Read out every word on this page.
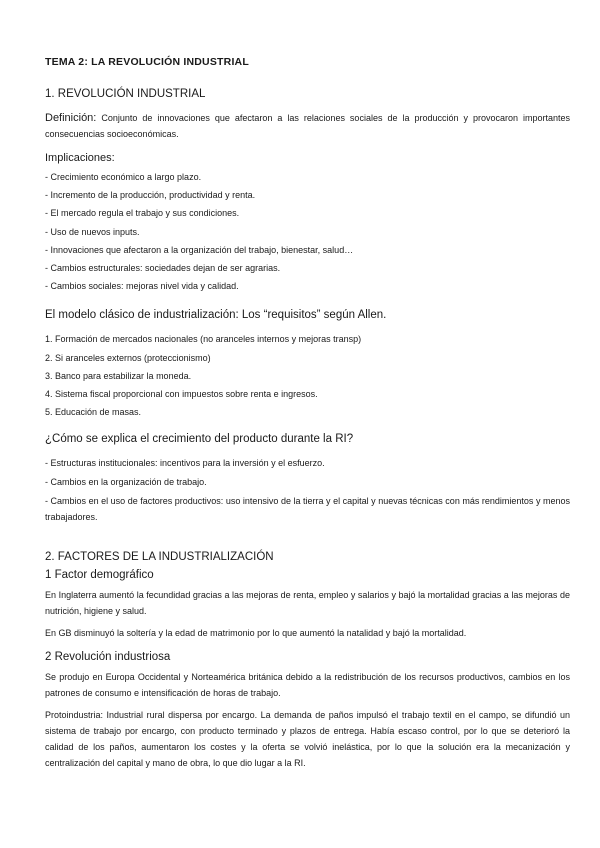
TEMA 2: LA REVOLUCIÓN INDUSTRIAL
1. REVOLUCIÓN INDUSTRIAL
Definición: Conjunto de innovaciones que afectaron a las relaciones sociales de la producción y provocaron importantes consecuencias socioeconómicas.
Implicaciones:
- Crecimiento económico a largo plazo.
- Incremento de la producción, productividad y renta.
- El mercado regula el trabajo y sus condiciones.
- Uso de nuevos inputs.
- Innovaciones que afectaron a la organización del trabajo, bienestar, salud…
- Cambios estructurales: sociedades dejan de ser agrarias.
- Cambios sociales: mejoras nivel vida y calidad.
El modelo clásico de industrialización: Los “requisitos” según Allen.
1. Formación de mercados nacionales (no aranceles internos y mejoras transp)
2. Si aranceles externos (proteccionismo)
3. Banco para estabilizar la moneda.
4. Sistema fiscal proporcional con impuestos sobre renta e ingresos.
5. Educación de masas.
¿Cómo se explica el crecimiento del producto durante la RI?
- Estructuras institucionales: incentivos para la inversión y el esfuerzo.
- Cambios en la organización de trabajo.
- Cambios en el uso de factores productivos: uso intensivo de la tierra y el capital y nuevas técnicas con más rendimientos y menos trabajadores.
2. FACTORES DE LA INDUSTRIALIZACIÓN
1 Factor demográfico
En Inglaterra aumentó la fecundidad gracias a las mejoras de renta, empleo y salarios y bajó la mortalidad gracias a las mejoras de nutrición, higiene y salud.
En GB disminuyó la soltería y la edad de matrimonio por lo que aumentó la natalidad y bajó la mortalidad.
2 Revolución industriosa
Se produjo en Europa Occidental y Norteamérica británica debido a la redistribución de los recursos productivos, cambios en los patrones de consumo e intensificación de horas de trabajo.
Protoindustria: Industrial rural dispersa por encargo. La demanda de paños impulsó el trabajo textil en el campo, se difundió un sistema de trabajo por encargo, con producto terminado y plazos de entrega. Había escaso control, por lo que se deterioró la calidad de los paños, aumentaron los costes y la oferta se volvió inelástica, por lo que la solución era la mecanización y centralización del capital y mano de obra, lo que dio lugar a la RI.
